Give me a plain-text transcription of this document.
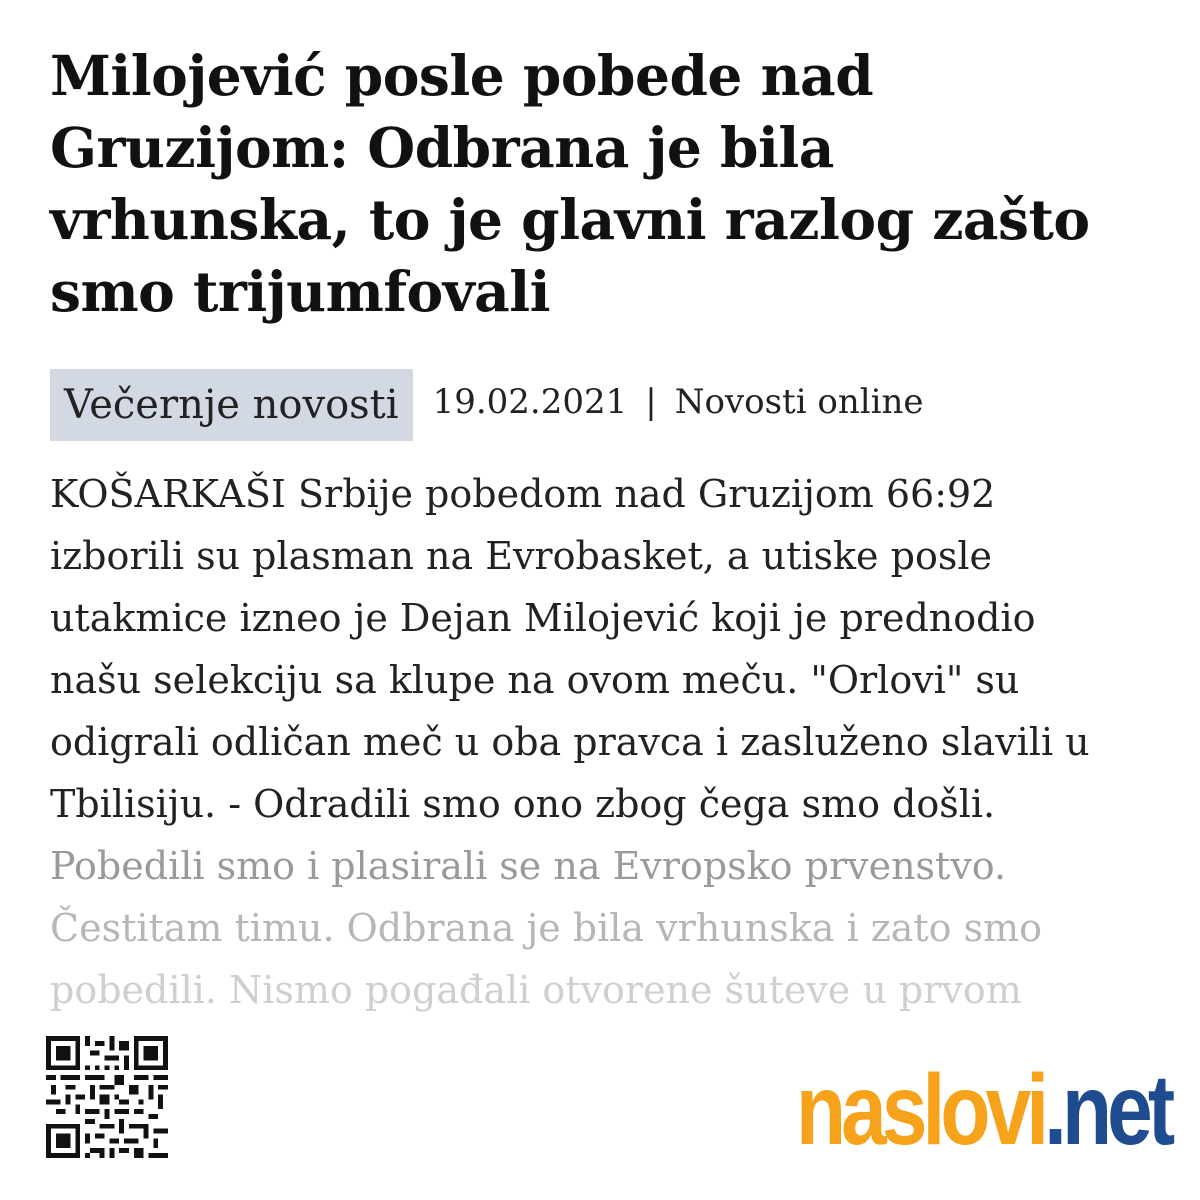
Milojević posle pobede nad Gruzijom: Odbrana je bila vrhunska, to je glavni razlog zašto smo trijumfovali
Večernje novosti	19.02.2021 | Novosti online
KOŠARKAŠI Srbije pobedom nad Gruzijom 66:92
izborili su plasman na Evrobasket, a utiske posle
utakmice izneo je Dejan Milojević koji je prednodio
našu selekciju sa klupe na ovom meču. "Orlovi" su
odigrali odličan meč u oba pravca i zasluženo slavili u
Tbilisiju. - Odradili smo ono zbog čega smo došli.
Pobedili smo i plasirali se na Evropsko prvenstvo.
Čestitam timu. Odbrana je bila vrhunska i zato smo
pobedili. Nismo pogađali otvorene šuteve u prvom
naslovi.net
